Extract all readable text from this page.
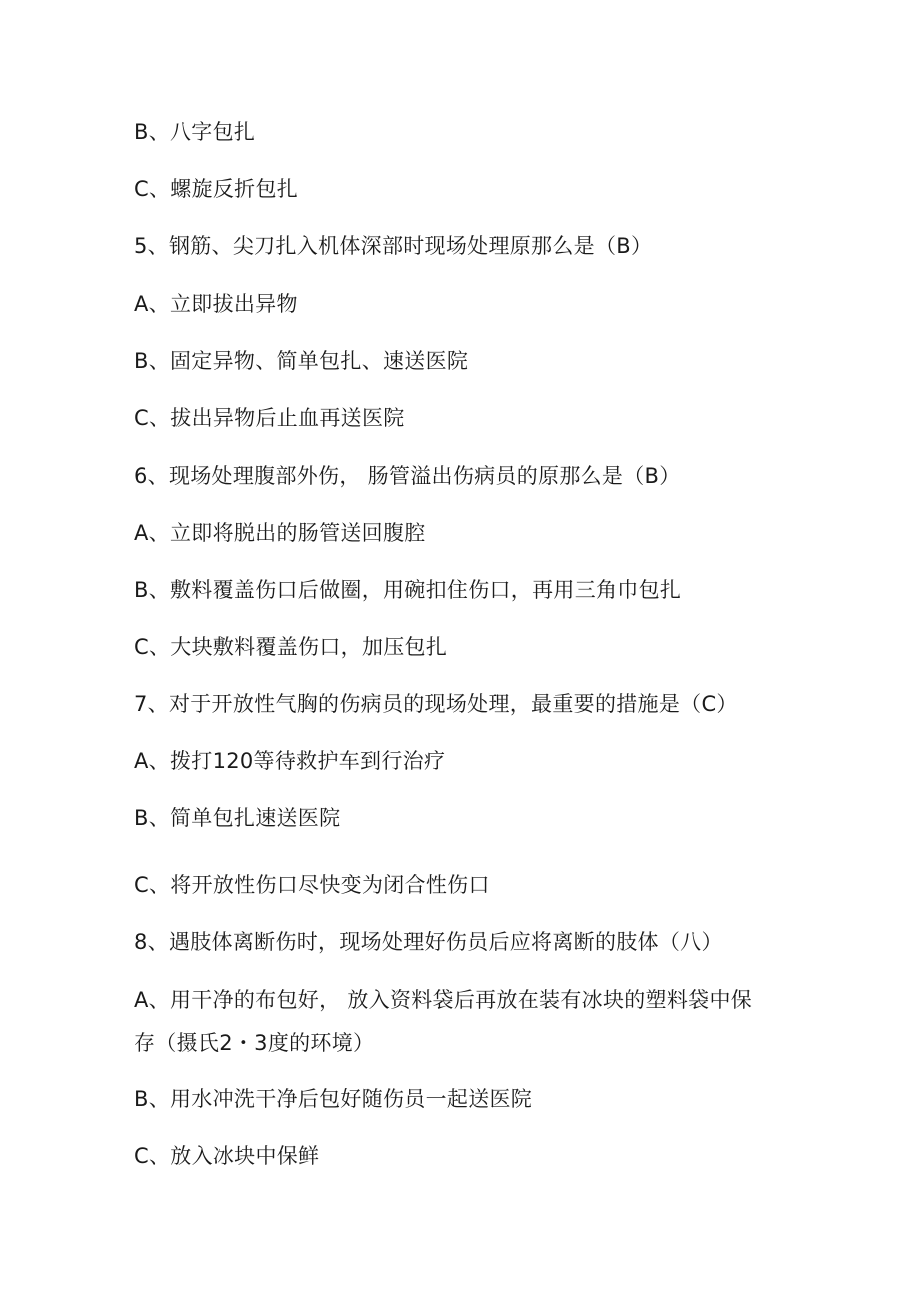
B、八字包扎
C、螺旋反折包扎
5、钢筋、尖刀扎入机体深部时现场处理原那么是（B）
A、立即拔出异物
B、固定异物、简单包扎、速送医院
C、拔出异物后止血再送医院
6、现场处理腹部外伤， 肠管溢出伤病员的原那么是（B）
A、立即将脱出的肠管送回腹腔
B、敷料覆盖伤口后做圈，用碗扣住伤口，再用三角巾包扎
C、大块敷料覆盖伤口，加压包扎
7、对于开放性气胸的伤病员的现场处理，最重要的措施是（C）
A、拨打120等待救护车到行治疗
B、简单包扎速送医院
C、将开放性伤口尽快变为闭合性伤口
8、遇肢体离断伤时，现场处理好伤员后应将离断的肢体（八）
A、用干净的布包好， 放入资料袋后再放在装有冰块的塑料袋中保
存（摄氏2・3度的环境）
B、用水冲洗干净后包好随伤员一起送医院
C、放入冰块中保鲜
